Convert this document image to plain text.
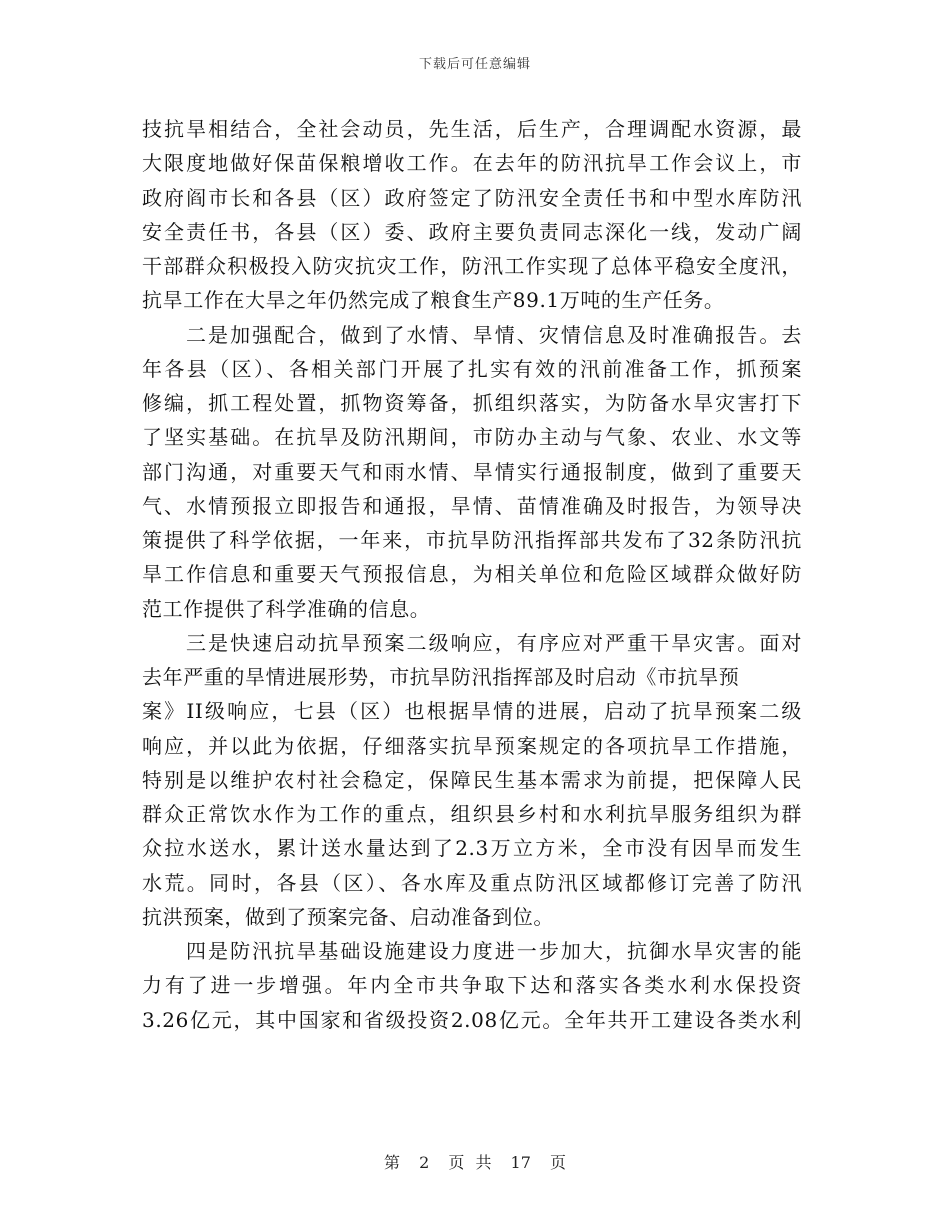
下载后可任意编辑
技抗旱相结合，全社会动员，先生活，后生产，合理调配水资源，最
大限度地做好保苗保粮增收工作。在去年的防汛抗旱工作会议上，市
政府阎市长和各县（区）政府签定了防汛安全责任书和中型水库防汛
安全责任书，各县（区）委、政府主要负责同志深化一线，发动广阔
干部群众积极投入防灾抗灾工作，防汛工作实现了总体平稳安全度汛，
抗旱工作在大旱之年仍然完成了粮食生产89.1万吨的生产任务。
二是加强配合，做到了水情、旱情、灾情信息及时准确报告。去
年各县（区）、各相关部门开展了扎实有效的汛前准备工作，抓预案
修编，抓工程处置，抓物资筹备，抓组织落实，为防备水旱灾害打下
了坚实基础。在抗旱及防汛期间，市防办主动与气象、农业、水文等
部门沟通，对重要天气和雨水情、旱情实行通报制度，做到了重要天
气、水情预报立即报告和通报，旱情、苗情准确及时报告，为领导决
策提供了科学依据，一年来，市抗旱防汛指挥部共发布了32条防汛抗
旱工作信息和重要天气预报信息，为相关单位和危险区域群众做好防
范工作提供了科学准确的信息。
三是快速启动抗旱预案二级响应，有序应对严重干旱灾害。面对
去年严重的旱情进展形势，市抗旱防汛指挥部及时启动《市抗旱预
案》II级响应，七县（区）也根据旱情的进展，启动了抗旱预案二级
响应，并以此为依据，仔细落实抗旱预案规定的各项抗旱工作措施，
特别是以维护农村社会稳定，保障民生基本需求为前提，把保障人民
群众正常饮水作为工作的重点，组织县乡村和水利抗旱服务组织为群
众拉水送水，累计送水量达到了2.3万立方米，全市没有因旱而发生
水荒。同时，各县（区）、各水库及重点防汛区域都修订完善了防汛
抗洪预案，做到了预案完备、启动准备到位。
四是防汛抗旱基础设施建设力度进一步加大，抗御水旱灾害的能
力有了进一步增强。年内全市共争取下达和落实各类水利水保投资
3.26亿元，其中国家和省级投资2.08亿元。全年共开工建设各类水利
第 2 页 共 17 页
